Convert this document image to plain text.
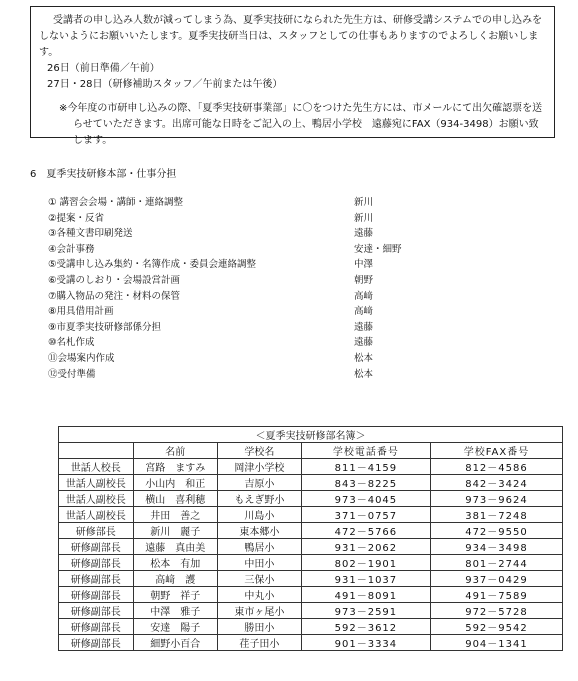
受講者の申し込み人数が減ってしまう為、夏季実技研になられた先生方は、研修受講システムでの申し込みをしないようにお願いいたします。夏季実技研当日は、スタッフとしての仕事もありますのでよろしくお願いします。

26日（前日準備／午前）

27日・28日（研修補助スタッフ／午前または午後）

※今年度の市研申し込みの際、「夏季実技研事業部」に〇をつけた先生方には、市メールにて出欠確認票を送らせていただきます。出席可能な日時をご記入の上、鴨居小学校　遠藤宛にFAX（934-3498）お願い致します。

6　夏季実技研修本部・仕事分担
① 講習会会場・講師・連絡調整	新川
②提案・反省	新川
③各種文書印刷発送	遠藤
④会計事務	安達・細野
⑤受講申し込み集約・名簿作成・委員会連絡調整	中澤
⑥受講のしおり・会場設営計画	朝野
⑦購入物品の発注・材料の保管	高﨑
⑧用具借用計画	高﨑
⑨市夏季実技研修部係分担	遠藤
⑩名札作成	遠藤
⑪会場案内作成	松本
⑫受付準備	松本
＜夏季実技研修部名簿＞				
	名前	学校名	学校電話番号	学校FAX番号
世話人校長	宮路　ますみ	岡津小学校	811－4159	812－4586
世話人副校長	小山内　和正	吉原小	843－8225	842－3424
世話人副校長	横山　喜利穂	もえぎ野小	973－4045	973－9624
世話人副校長	井田　善之	川島小	371－0757	381－7248
研修部長	新川　麗子	東本郷小	472－5766	472－9550
研修副部長	遠藤　真由美	鴨居小	931－2062	934－3498
研修副部長	松本　有加	中田小	802－1901	801－2744
研修副部長	高﨑　護	三保小	931－1037	937－0429
研修副部長	朝野　祥子	中丸小	491－8091	491－7589
研修副部長	中澤　雅子	東市ヶ尾小	973－2591	972－5728
研修副部長	安達　陽子	勝田小	592－3612	592－9542
研修副部長	細野小百合	荏子田小	901－3334	904－1341
